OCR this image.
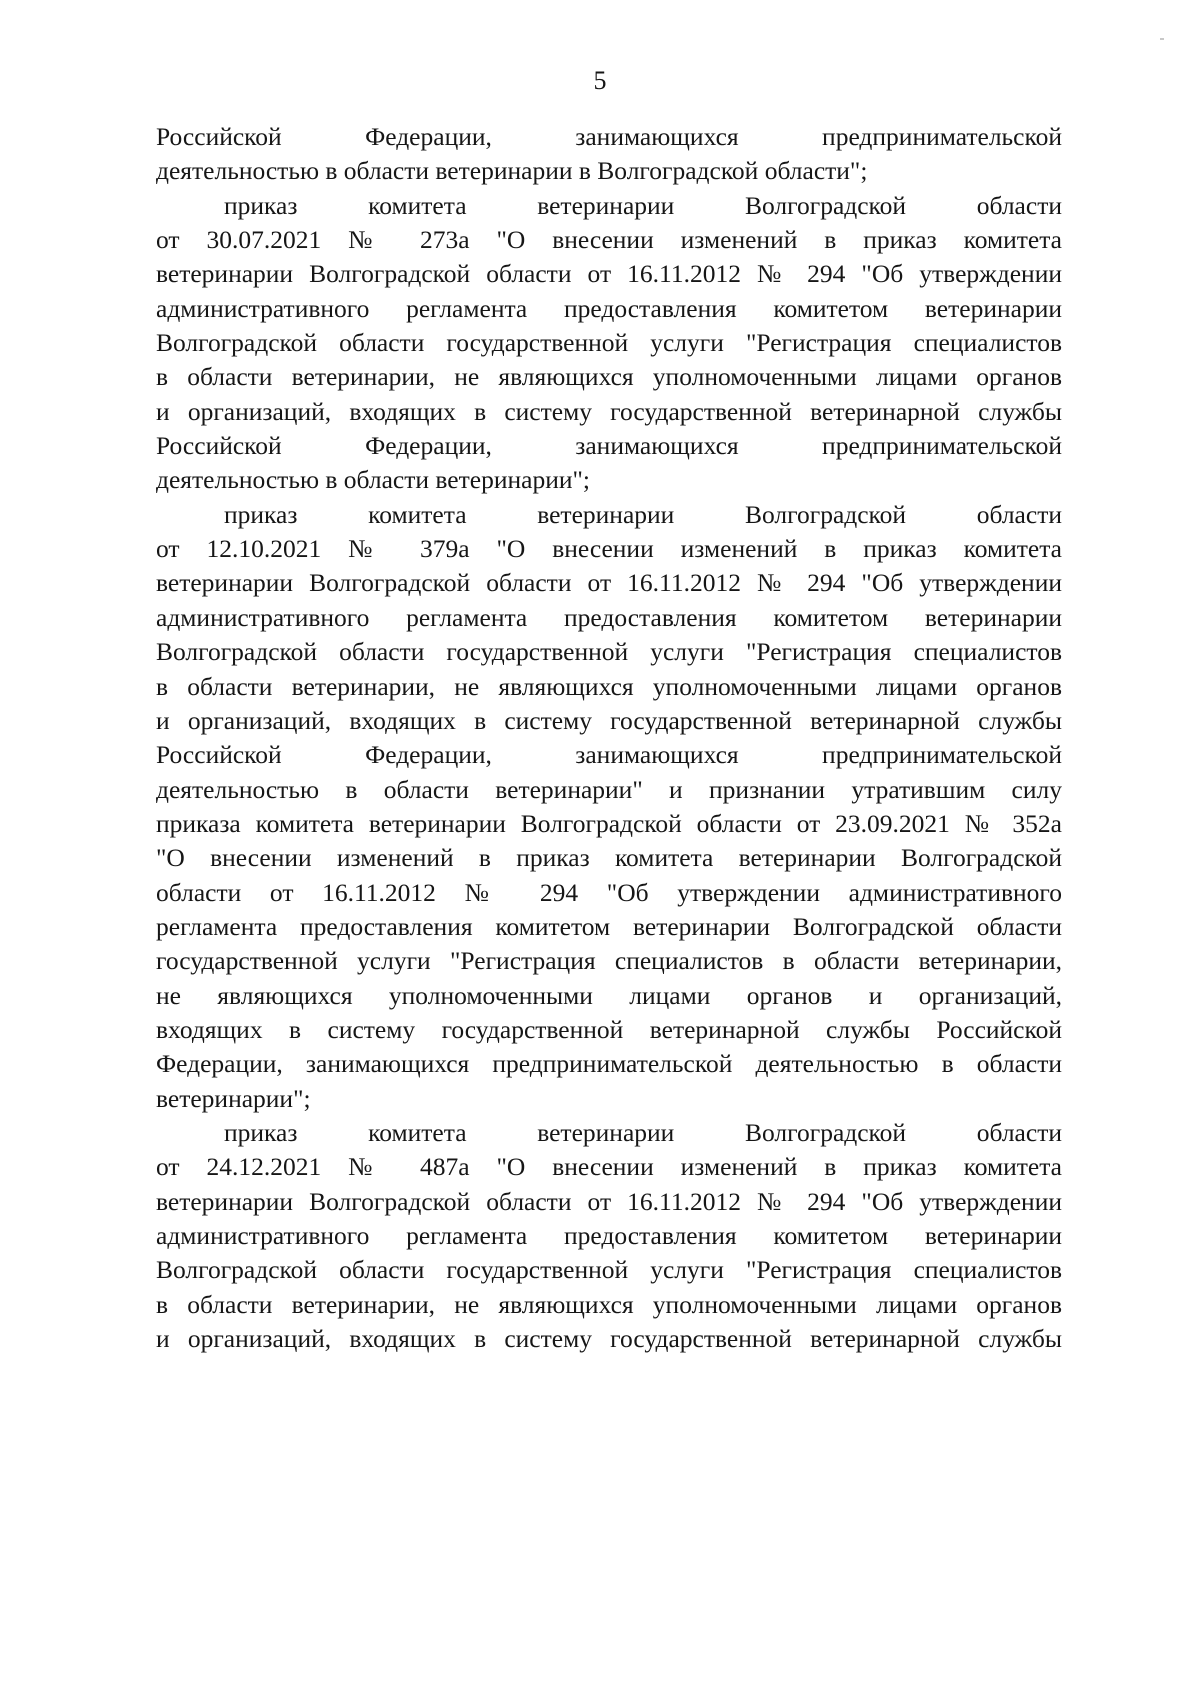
5
Российской Федерации, занимающихся предпринимательской
деятельностью в области ветеринарии в Волгоградской области";
приказ комитета ветеринарии Волгоградской области
от 30.07.2021 № 273а "О внесении изменений в приказ комитета
ветеринарии Волгоградской области от 16.11.2012 № 294 "Об утверждении
административного регламента предоставления комитетом ветеринарии
Волгоградской области государственной услуги "Регистрация специалистов
в области ветеринарии, не являющихся уполномоченными лицами органов
и организаций, входящих в систему государственной ветеринарной службы
Российской Федерации, занимающихся предпринимательской
деятельностью в области ветеринарии";
приказ комитета ветеринарии Волгоградской области
от 12.10.2021 № 379а "О внесении изменений в приказ комитета
ветеринарии Волгоградской области от 16.11.2012 № 294 "Об утверждении
административного регламента предоставления комитетом ветеринарии
Волгоградской области государственной услуги "Регистрация специалистов
в области ветеринарии, не являющихся уполномоченными лицами органов
и организаций, входящих в систему государственной ветеринарной службы
Российской Федерации, занимающихся предпринимательской
деятельностью в области ветеринарии" и признании утратившим силу
приказа комитета ветеринарии Волгоградской области от 23.09.2021 № 352а
"О внесении изменений в приказ комитета ветеринарии Волгоградской
области от 16.11.2012 № 294 "Об утверждении административного
регламента предоставления комитетом ветеринарии Волгоградской области
государственной услуги "Регистрация специалистов в области ветеринарии,
не являющихся уполномоченными лицами органов и организаций,
входящих в систему государственной ветеринарной службы Российской
Федерации, занимающихся предпринимательской деятельностью в области
ветеринарии";
приказ комитета ветеринарии Волгоградской области
от 24.12.2021 № 487а "О внесении изменений в приказ комитета
ветеринарии Волгоградской области от 16.11.2012 № 294 "Об утверждении
административного регламента предоставления комитетом ветеринарии
Волгоградской области государственной услуги "Регистрация специалистов
в области ветеринарии, не являющихся уполномоченными лицами органов
и организаций, входящих в систему государственной ветеринарной службы
